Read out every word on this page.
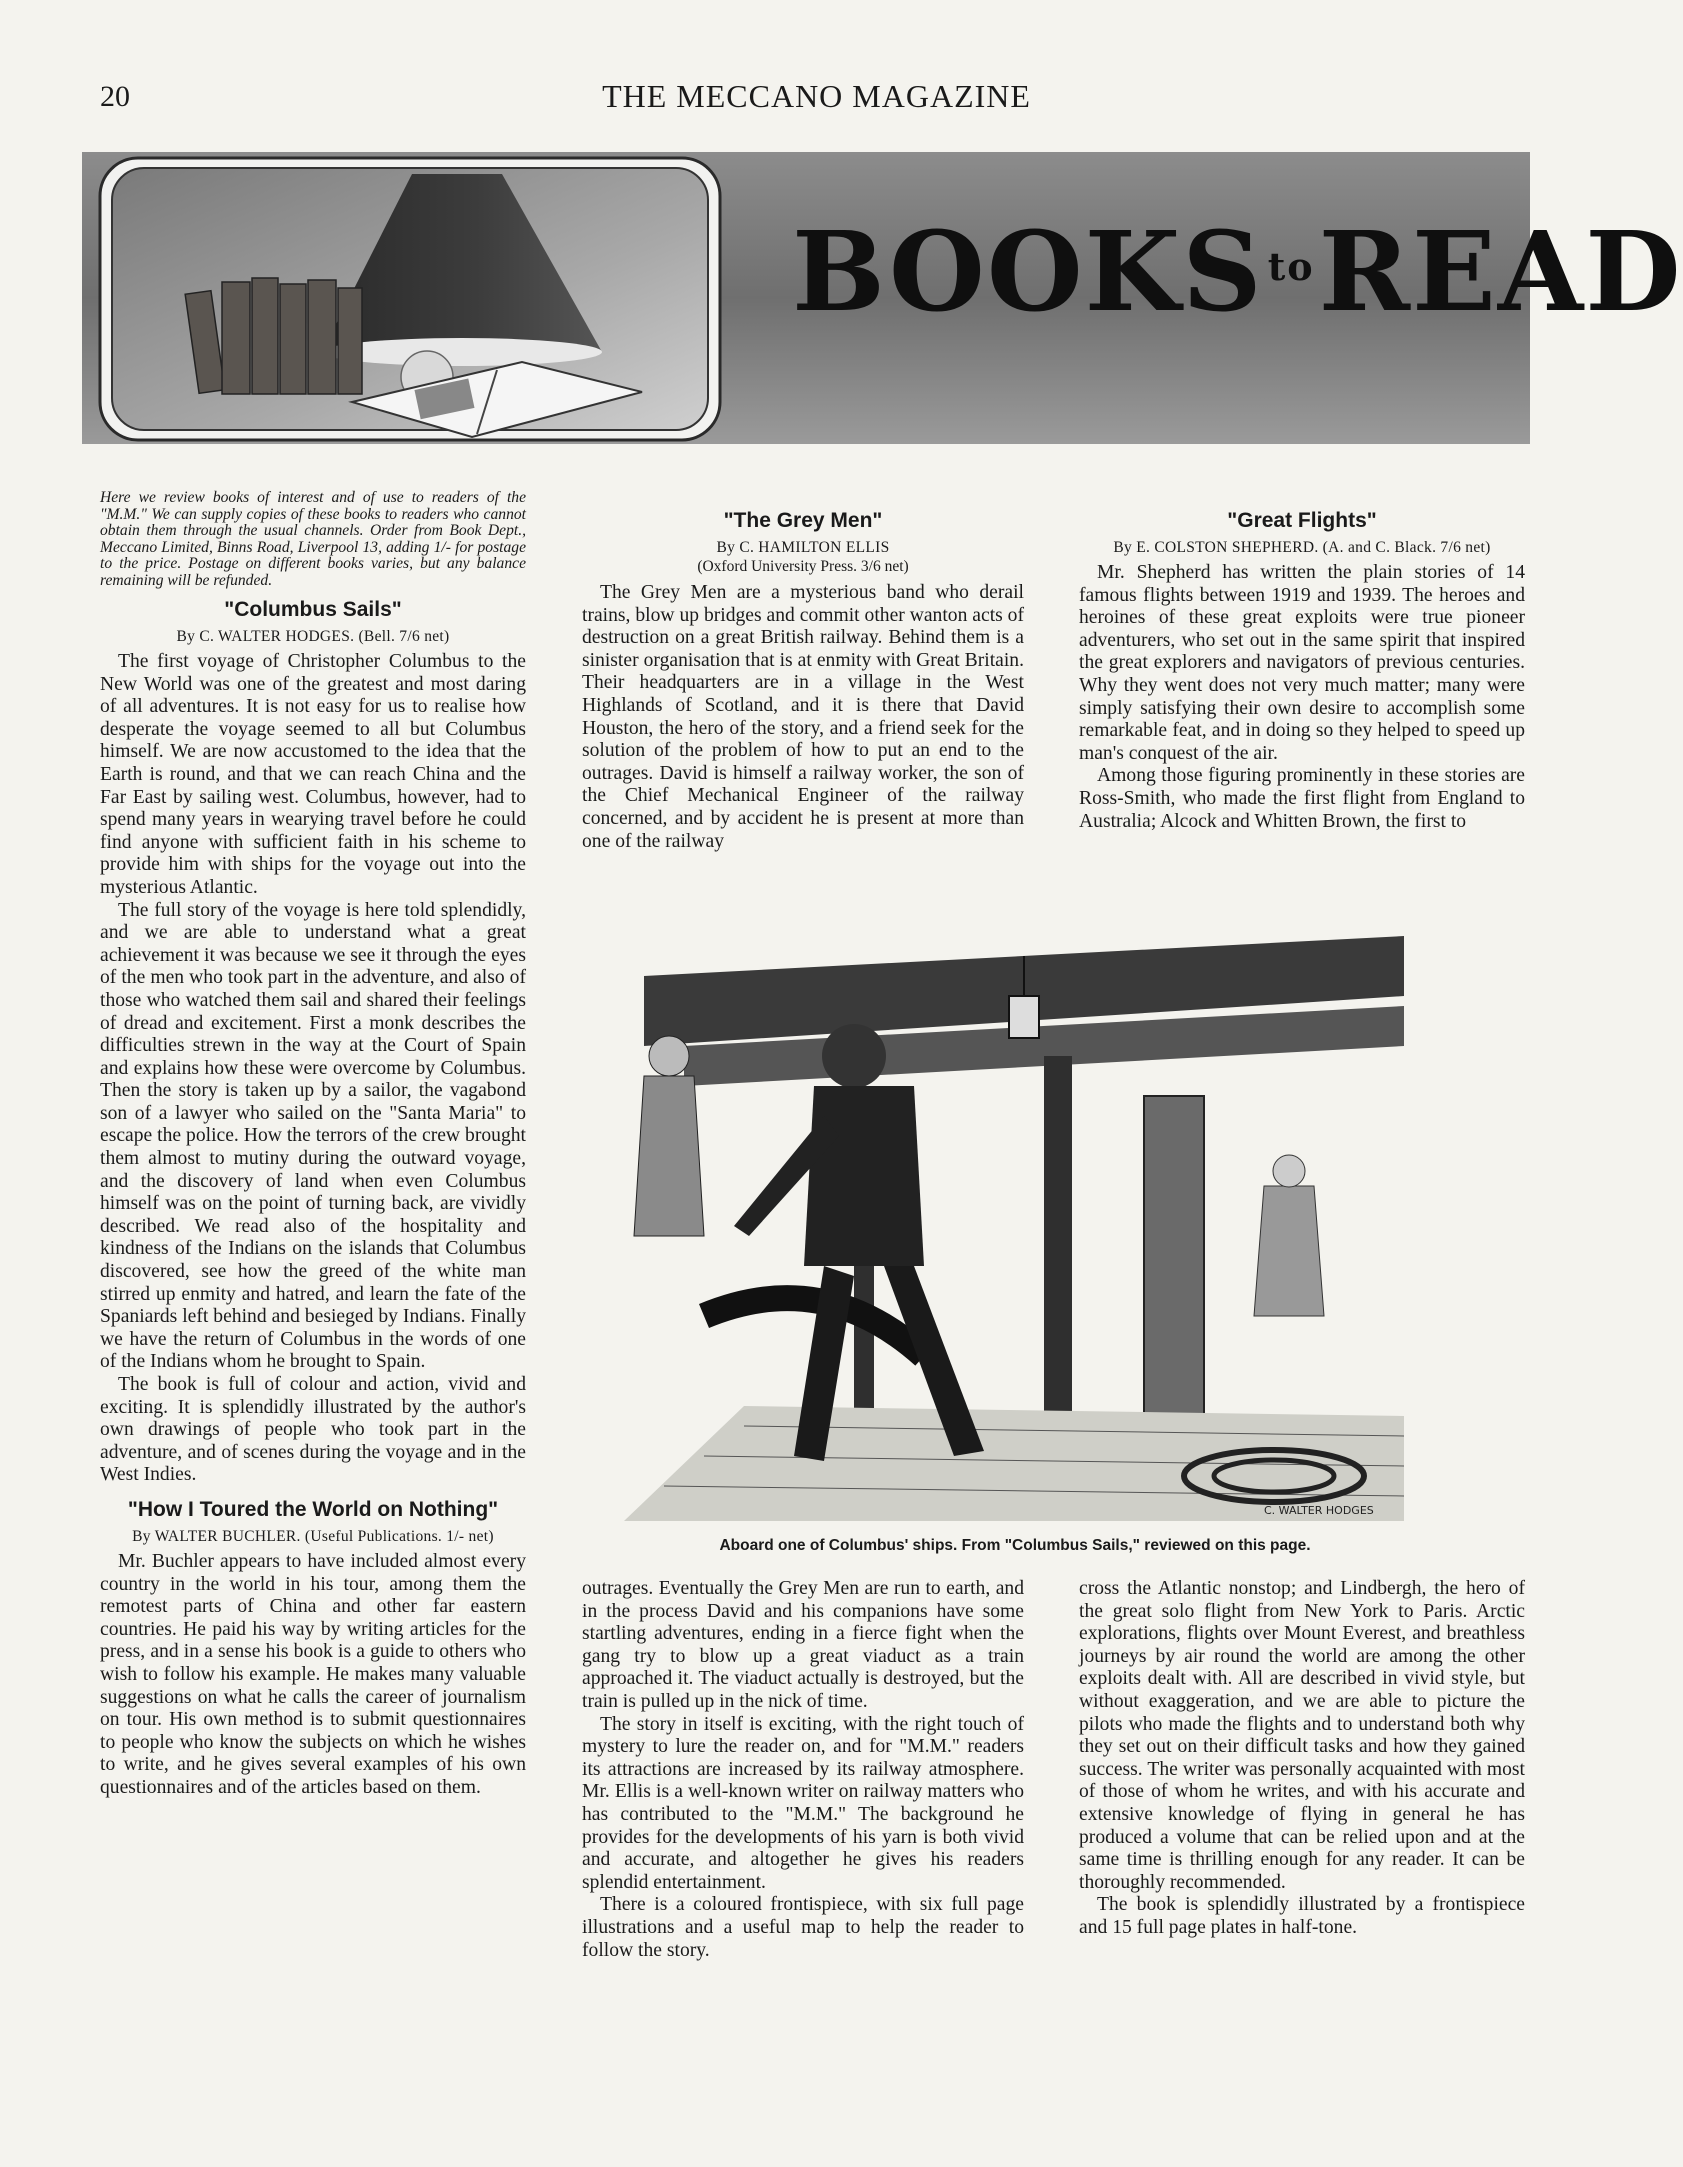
20	THE MECCANO MAGAZINE
BOOKS toREAD

Here we review books of interest and of use to readers of the "M.M." We can supply copies of these books to readers who cannot obtain them through the usual channels. Order from Book Dept., Meccano Limited, Binns Road, Liverpool 13, adding 1/- for postage to the price. Postage on different books varies, but any balance remaining will be refunded.

"Columbus Sails"
By C. WALTER HODGES. (Bell. 7/6 net)

The first voyage of Christopher Columbus to the New World was one of the greatest and most daring of all adventures. It is not easy for us to realise how desperate the voyage seemed to all but Columbus himself. We are now accustomed to the idea that the Earth is round, and that we can reach China and the Far East by sailing west. Columbus, however, had to spend many years in wearying travel before he could find anyone with sufficient faith in his scheme to provide him with ships for the voyage out into the mysterious Atlantic.

The full story of the voyage is here told splendidly, and we are able to understand what a great achievement it was because we see it through the eyes of the men who took part in the adventure, and also of those who watched them sail and shared their feelings of dread and excitement. First a monk describes the difficulties strewn in the way at the Court of Spain and explains how these were overcome by Columbus. Then the story is taken up by a sailor, the vagabond son of a lawyer who sailed on the "Santa Maria" to escape the police. How the terrors of the crew brought them almost to mutiny during the outward voyage, and the discovery of land when even Columbus himself was on the point of turning back, are vividly described. We read also of the hospitality and kindness of the Indians on the islands that Columbus discovered, see how the greed of the white man stirred up enmity and hatred, and learn the fate of the Spaniards left behind and besieged by Indians. Finally we have the return of Columbus in the words of one of the Indians whom he brought to Spain.

The book is full of colour and action, vivid and exciting. It is splendidly illustrated by the author's own drawings of people who took part in the adventure, and of scenes during the voyage and in the West Indies.

"How I Toured the World on Nothing"
By WALTER BUCHLER. (Useful Publications. 1/- net)

Mr. Buchler appears to have included almost every country in the world in his tour, among them the remotest parts of China and other far eastern countries. He paid his way by writing articles for the press, and in a sense his book is a guide to others who wish to follow his example. He makes many valuable suggestions on what he calls the career of journalism on tour. His own method is to submit questionnaires to people who know the subjects on which he wishes to write, and he gives several examples of his own questionnaires and of the articles based on them.

"The Grey Men"
By C. HAMILTON ELLIS
(Oxford University Press. 3/6 net)

The Grey Men are a mysterious band who derail trains, blow up bridges and commit other wanton acts of destruction on a great British railway. Behind them is a sinister organisation that is at enmity with Great Britain. Their headquarters are in a village in the West Highlands of Scotland, and it is there that David Houston, the hero of the story, and a friend seek for the solution of the problem of how to put an end to the outrages. David is himself a railway worker, the son of the Chief Mechanical Engineer of the railway concerned, and by accident he is present at more than one of the railway

"Great Flights"
By E. COLSTON SHEPHERD. (A. and C. Black. 7/6 net)

Mr. Shepherd has written the plain stories of 14 famous flights between 1919 and 1939. The heroes and heroines of these great exploits were true pioneer adventurers, who set out in the same spirit that inspired the great explorers and navigators of previous centuries. Why they went does not very much matter; many were simply satisfying their own desire to accomplish some remarkable feat, and in doing so they helped to speed up man's conquest of the air.

Among those figuring prominently in these stories are Ross-Smith, who made the first flight from England to Australia; Alcock and Whitten Brown, the first to

C. WALTER HODGES
Aboard one of Columbus' ships. From "Columbus Sails," reviewed on this page.

outrages. Eventually the Grey Men are run to earth, and in the process David and his companions have some startling adventures, ending in a fierce fight when the gang try to blow up a great viaduct as a train approached it. The viaduct actually is destroyed, but the train is pulled up in the nick of time.

The story in itself is exciting, with the right touch of mystery to lure the reader on, and for "M.M." readers its attractions are increased by its railway atmosphere. Mr. Ellis is a well-known writer on railway matters who has contributed to the "M.M." The background he provides for the developments of his yarn is both vivid and accurate, and altogether he gives his readers splendid entertainment.

There is a coloured frontispiece, with six full page illustrations and a useful map to help the reader to follow the story.

cross the Atlantic nonstop; and Lindbergh, the hero of the great solo flight from New York to Paris. Arctic explorations, flights over Mount Everest, and breathless journeys by air round the world are among the other exploits dealt with. All are described in vivid style, but without exaggeration, and we are able to picture the pilots who made the flights and to understand both why they set out on their difficult tasks and how they gained success. The writer was personally acquainted with most of those of whom he writes, and with his accurate and extensive knowledge of flying in general he has produced a volume that can be relied upon and at the same time is thrilling enough for any reader. It can be thoroughly recommended.

The book is splendidly illustrated by a frontispiece and 15 full page plates in half-tone.
